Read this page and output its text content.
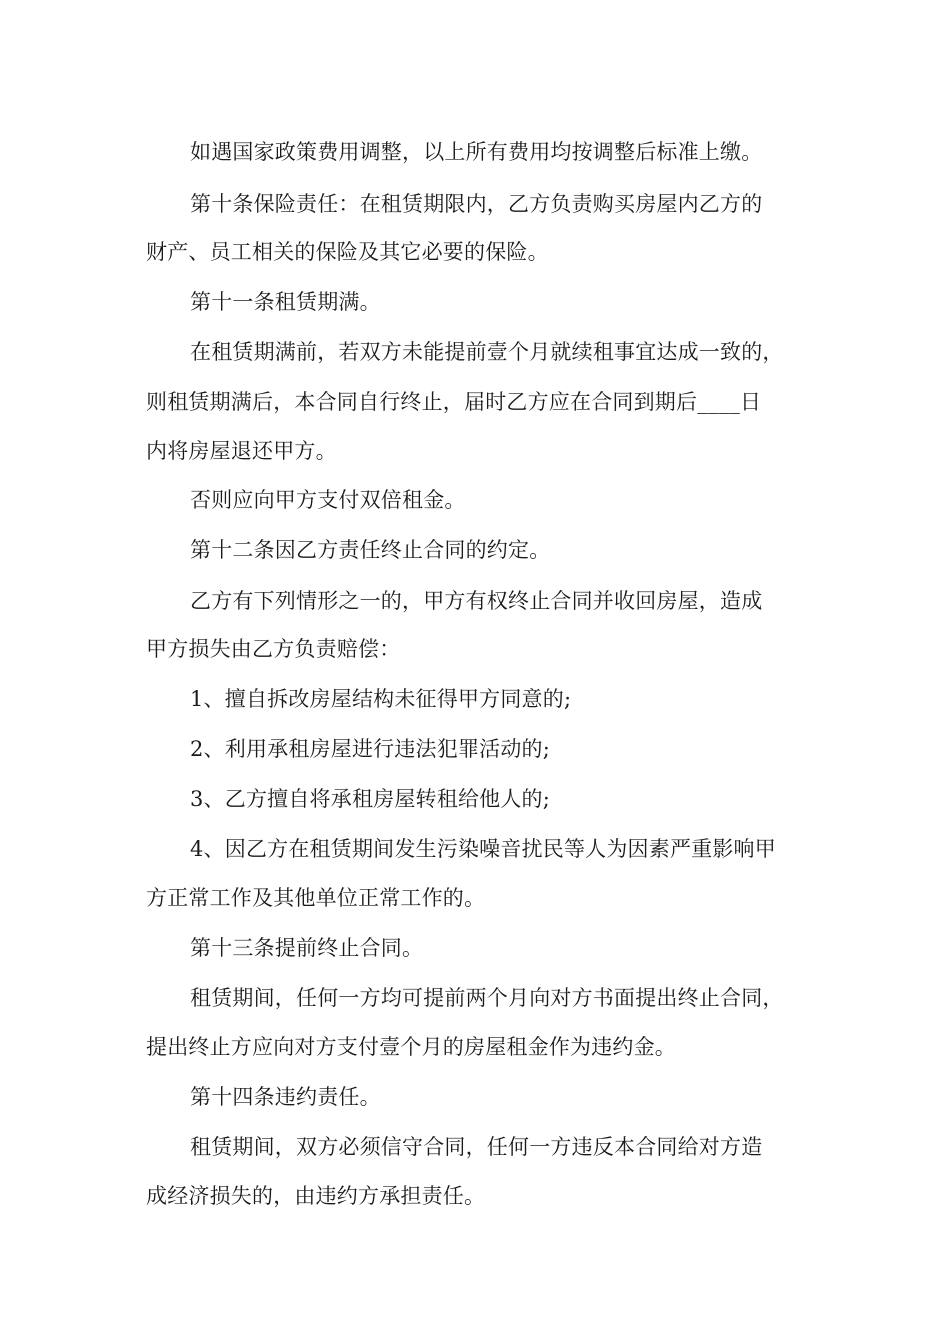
如遇国家政策费用调整，以上所有费用均按调整后标准上缴。
第十条保险责任：在租赁期限内，乙方负责购买房屋内乙方的
财产、员工相关的保险及其它必要的保险。
第十一条租赁期满。
在租赁期满前，若双方未能提前壹个月就续租事宜达成一致的，
则租赁期满后，本合同自行终止，届时乙方应在合同到期后____日
内将房屋退还甲方。
否则应向甲方支付双倍租金。
第十二条因乙方责任终止合同的约定。
乙方有下列情形之一的，甲方有权终止合同并收回房屋，造成
甲方损失由乙方负责赔偿：
1、擅自拆改房屋结构未征得甲方同意的;
2、利用承租房屋进行违法犯罪活动的;
3、乙方擅自将承租房屋转租给他人的;
4、因乙方在租赁期间发生污染噪音扰民等人为因素严重影响甲
方正常工作及其他单位正常工作的。
第十三条提前终止合同。
租赁期间，任何一方均可提前两个月向对方书面提出终止合同，
提出终止方应向对方支付壹个月的房屋租金作为违约金。
第十四条违约责任。
租赁期间，双方必须信守合同，任何一方违反本合同给对方造
成经济损失的，由违约方承担责任。
